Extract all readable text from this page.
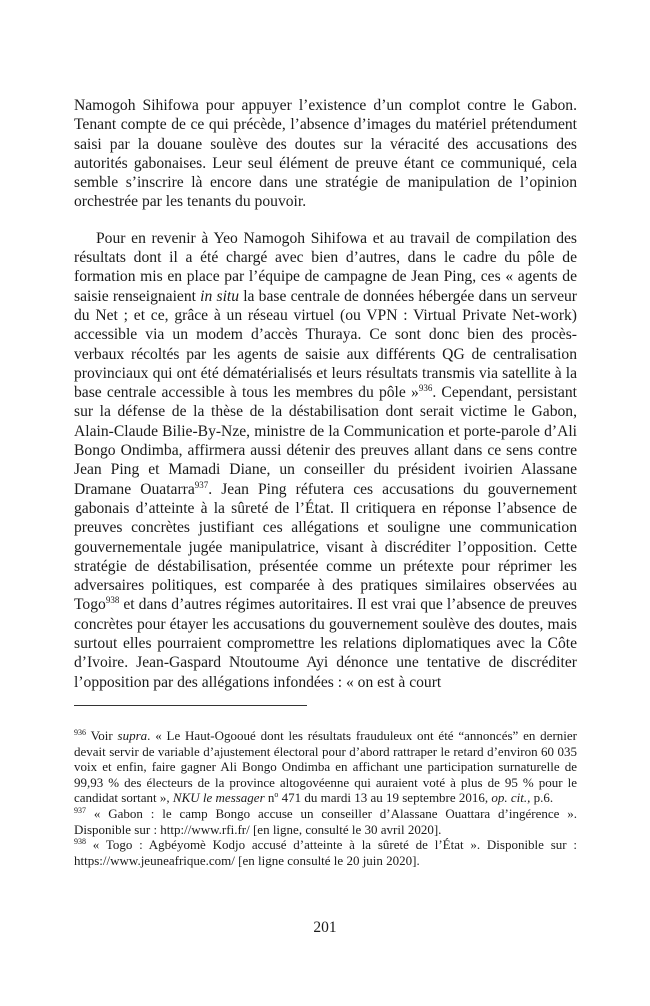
Namogoh Sihifowa pour appuyer l’existence d’un complot contre le Gabon. Tenant compte de ce qui précède, l’absence d’images du matériel prétendument saisi par la douane soulève des doutes sur la véracité des accusations des autorités gabonaises. Leur seul élément de preuve étant ce communiqué, cela semble s’inscrire là encore dans une stratégie de manipulation de l’opinion orchestrée par les tenants du pouvoir.

Pour en revenir à Yeo Namogoh Sihifowa et au travail de compilation des résultats dont il a été chargé avec bien d’autres, dans le cadre du pôle de formation mis en place par l’équipe de campagne de Jean Ping, ces « agents de saisie renseignaient in situ la base centrale de données hébergée dans un serveur du Net ; et ce, grâce à un réseau virtuel (ou VPN : Virtual Private Net-work) accessible via un modem d’accès Thuraya. Ce sont donc bien des procès-verbaux récoltés par les agents de saisie aux différents QG de centralisation provinciaux qui ont été dématérialisés et leurs résultats transmis via satellite à la base centrale accessible à tous les membres du pôle »$^{936}$. Cependant, persistant sur la défense de la thèse de la déstabilisation dont serait victime le Gabon, Alain-Claude Bilie-By-Nze, ministre de la Communication et porte-parole d’Ali Bongo Ondimba, affirmera aussi détenir des preuves allant dans ce sens contre Jean Ping et Mamadi Diane, un conseiller du président ivoirien Alassane Dramane Ouatarra$^{937}$. Jean Ping réfutera ces accusations du gouvernement gabonais d’atteinte à la sûreté de l’État. Il critiquera en réponse l’absence de preuves concrètes justifiant ces allégations et souligne une communication gouvernementale jugée manipulatrice, visant à discréditer l’opposition. Cette stratégie de déstabilisation, présentée comme un prétexte pour réprimer les adversaires politiques, est comparée à des pratiques similaires observées au Togo$^{938}$ et dans d’autres régimes autoritaires. Il est vrai que l’absence de preuves concrètes pour étayer les accusations du gouvernement soulève des doutes, mais surtout elles pourraient compromettre les relations diplomatiques avec la Côte d’Ivoire. Jean-Gaspard Ntoutoume Ayi dénonce une tentative de discréditer l’opposition par des allégations infondées : « on est à court

$^{936}$ Voir supra. « Le Haut-Ogooué dont les résultats frauduleux ont été “annoncés” en dernier devait servir de variable d’ajustement électoral pour d’abord rattraper le retard d’environ 60 035 voix et enfin, faire gagner Ali Bongo Ondimba en affichant une participation surnaturelle de 99,93 % des électeurs de la province altogovéenne qui auraient voté à plus de 95 % pour le candidat sortant », NKU le messager $n^o$ 471 du mardi 13 au 19 septembre 2016, op. cit., p.6.

$^{937}$ « Gabon : le camp Bongo accuse un conseiller d’Alassane Ouattara d’ingérence ». Disponible sur : http://www.rfi.fr/ [en ligne, consulté le 30 avril 2020].

$^{938}$ « Togo : Agbéyomè Kodjo accusé d’atteinte à la sûreté de l’État ». Disponible sur : https://www.jeuneafrique.com/ [en ligne consulté le 20 juin 2020].

201
